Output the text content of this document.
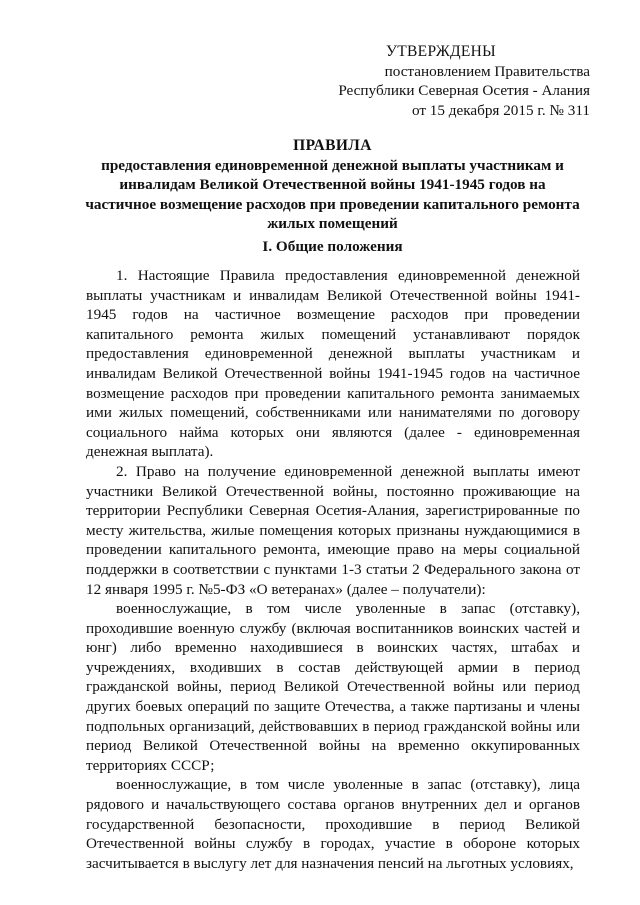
УТВЕРЖДЕНЫ
постановлением Правительства
Республики Северная Осетия - Алания
от 15 декабря 2015 г. № 311
ПРАВИЛА
предоставления единовременной денежной выплаты участникам и инвалидам Великой Отечественной войны 1941-1945 годов на частичное возмещение расходов при проведении капитального ремонта жилых помещений
I. Общие положения

1. Настоящие Правила предоставления единовременной денежной выплаты участникам и инвалидам Великой Отечественной войны 1941-1945 годов на частичное возмещение расходов при проведении капитального ремонта жилых помещений устанавливают порядок предоставления единовременной денежной выплаты участникам и инвалидам Великой Отечественной войны 1941-1945 годов на частичное возмещение расходов при проведении капитального ремонта занимаемых ими жилых помещений, собственниками или нанимателями по договору социального найма которых они являются (далее - единовременная денежная выплата).

2. Право на получение единовременной денежной выплаты имеют участники Великой Отечественной войны, постоянно проживающие на территории Республики Северная Осетия-Алания, зарегистрированные по месту жительства, жилые помещения которых признаны нуждающимися в проведении капитального ремонта, имеющие право на меры социальной поддержки в соответствии с пунктами 1-3 статьи 2 Федерального закона от 12 января 1995 г. №5-ФЗ «О ветеранах» (далее – получатели):

военнослужащие, в том числе уволенные в запас (отставку), проходившие военную службу (включая воспитанников воинских частей и юнг) либо временно находившиеся в воинских частях, штабах и учреждениях, входивших в состав действующей армии в период гражданской войны, период Великой Отечественной войны или период других боевых операций по защите Отечества, а также партизаны и члены подпольных организаций, действовавших в период гражданской войны или период Великой Отечественной войны на временно оккупированных территориях СССР;

военнослужащие, в том числе уволенные в запас (отставку), лица рядового и начальствующего состава органов внутренних дел и органов государственной безопасности, проходившие в период Великой Отечественной войны службу в городах, участие в обороне которых засчитывается в выслугу лет для назначения пенсий на льготных условиях,
